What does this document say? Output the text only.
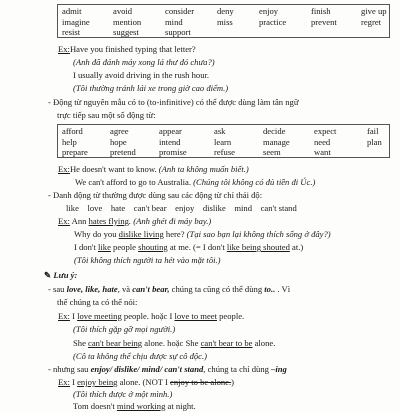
admit	avoid	consider	deny	enjoy	finish	give up
imagine	mention	mind	miss	practice	prevent	regret
resist	suggest	support
Ex:Have you finished typing that letter?
(Anh đã đánh máy xong lá thư đó chưa?)
I usually avoid driving in the rush hour.
(Tôi thường tránh lái xe trong giờ cao điểm.)
- Động từ nguyên mẫu có to (to-infinitive) có thể được dùng làm tân ngữ
trực tiếp sau một số động từ:
afford	agree	appear	ask	decide	expect	fail
help	hope	intend	learn	manage	need	plan
prepare	pretend	promise	refuse	seem	want
Ex:He doesn't want to know. (Anh ta không muốn biết.)
We can't afford to go to Australia. (Chúng tôi không có đủ tiền đi Úc.)
- Danh động từ thường được dùng sau các động từ chỉ thái độ:
like    love    hate    can't bear    enjoy    dislike    mind    can't stand
Ex: Ann hates flying. (Anh ghét đi máy bay.)
Why do you dislike living here? (Tại sao bạn lại không thích sống ở đây?)
I don't like people shouting at me. (= I don't like being shouted at.)
(Tôi không thích người ta hét vào mặt tôi.)
✎ Lưu ý:
- sau love, like, hate, và can't bear, chúng ta cũng có thể dùng to.. . Vì
thế chúng ta có thể nói:
Ex: I love meeting people. hoặc I love to meet people.
(Tôi thích gặp gỡ mọi người.)
She can't bear being alone. hoặc She can't bear to be alone.
(Cô ta không thể chịu được sự cô độc.)
- nhưng sau enjoy/ dislike/ mind/ can't stand, chúng ta chỉ dùng –ing
Ex: I enjoy being alone. (NOT I enjoy to be alone.)
(Tôi thích được ở một mình.)
Tom doesn't mind working at night.
